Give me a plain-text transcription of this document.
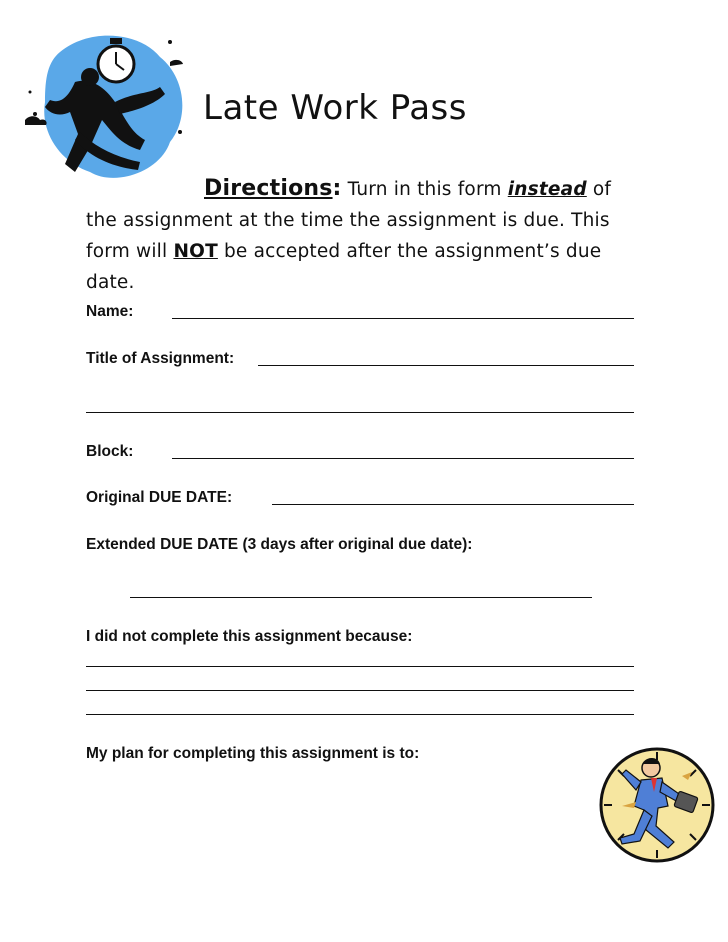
Late Work Pass
Directions: Turn in this form instead of the assignment at the time the assignment is due. This form will NOT be accepted after the assignment’s due date.
Name:
Title of Assignment:
Block:
Original DUE DATE:
Extended DUE DATE (3 days after original due date):
I did not complete this assignment because:
My plan for completing this assignment is to:
